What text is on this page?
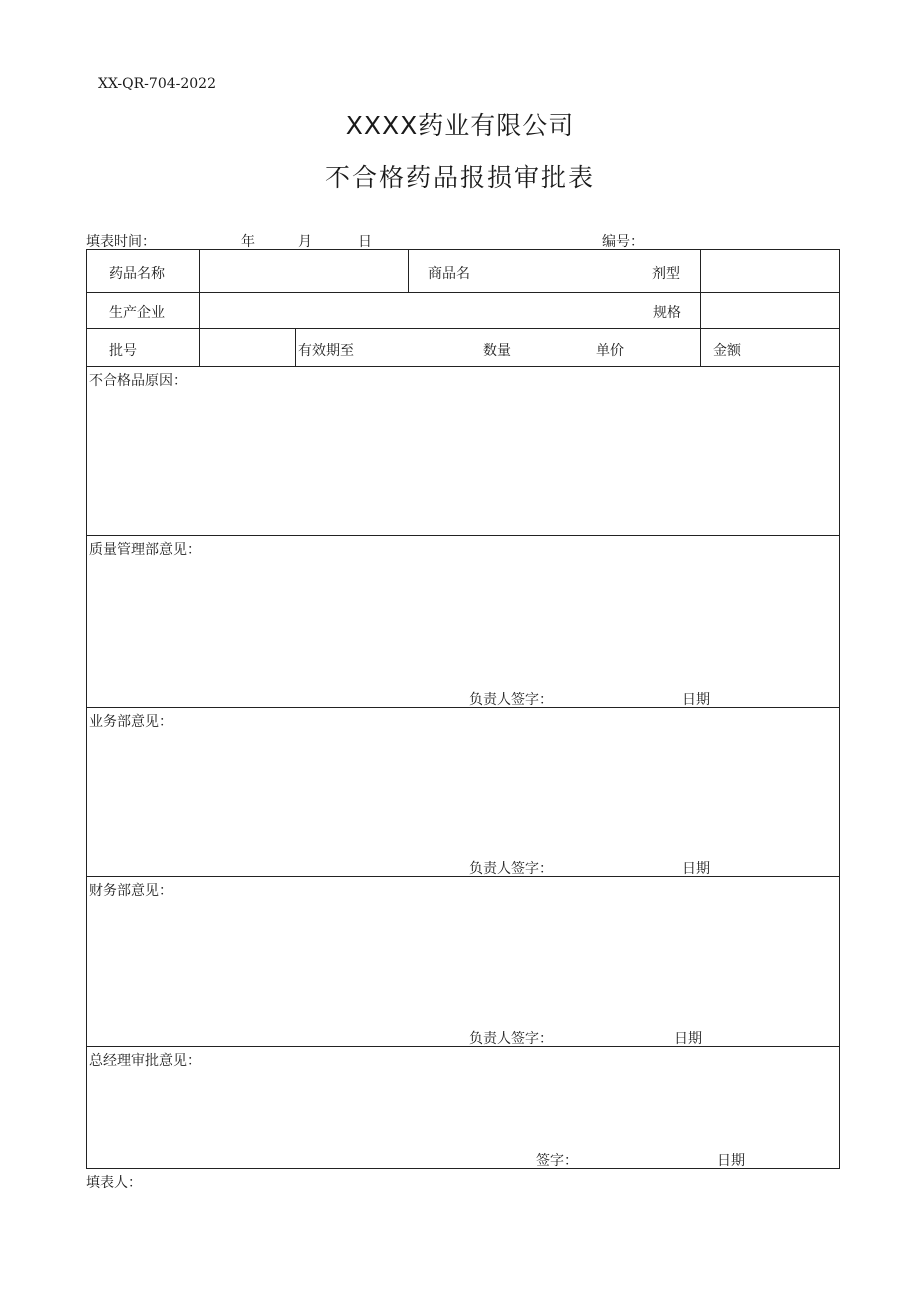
XX-QR-704-2022
XXXX药业有限公司
不合格药品报损审批表
填表时间：	年	月	日	编号：
药品名称	商品名	剂型
生产企业	规格
批号	有效期至	数量	单价	金额
不合格品原因：
质量管理部意见：
负责人签字：	日期
业务部意见：
负责人签字：	日期
财务部意见：
负责人签字：	日期
总经理审批意见：
签字：	日期
填表人：
